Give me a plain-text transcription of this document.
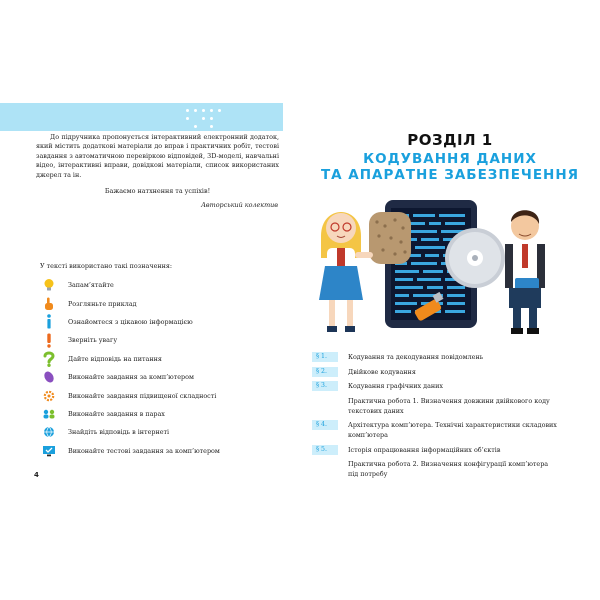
До підручника пропонується інтерактивний електронний додаток, який містить додаткові матеріали до вправ і практичних робіт, тестові завдання з автоматичною перевіркою відповідей, 3D-моделі, навчальні відео, інтерактивні вправи, довідкові матеріали, список використаних джерел та ін.

Бажаємо натхнення та успіхів!

Авторський колектив

У тексті використано такі позначення:

Запам’ятайте
Розгляньте приклад
Ознайомтеся з цікавою інформацією
Зверніть увагу
Дайте відповідь на питання
Виконайте завдання за комп’ютером
Виконайте завдання підвищеної складності
Виконайте завдання в парах
Знайдіть відповідь в інтернеті
Виконайте тестові завдання за комп’ютером
4
РОЗДІЛ 1
КОДУВАННЯ ДАНИХ
ТА АПАРАТНЕ ЗАБЕЗПЕЧЕННЯ
§ 1.	Кодування та декодування повідомлень
§ 2.	Двійкове кодування
§ 3.	Кодування графічних даних
Практична робота 1. Визначення довжини двійкового коду текстових даних
§ 4.	Архітектура комп’ютера. Технічні характеристики складових комп’ютера
§ 5.	Історія опрацювання інформаційних об’єктів
Практична робота 2. Визначення конфігурації комп’ютера під потребу
